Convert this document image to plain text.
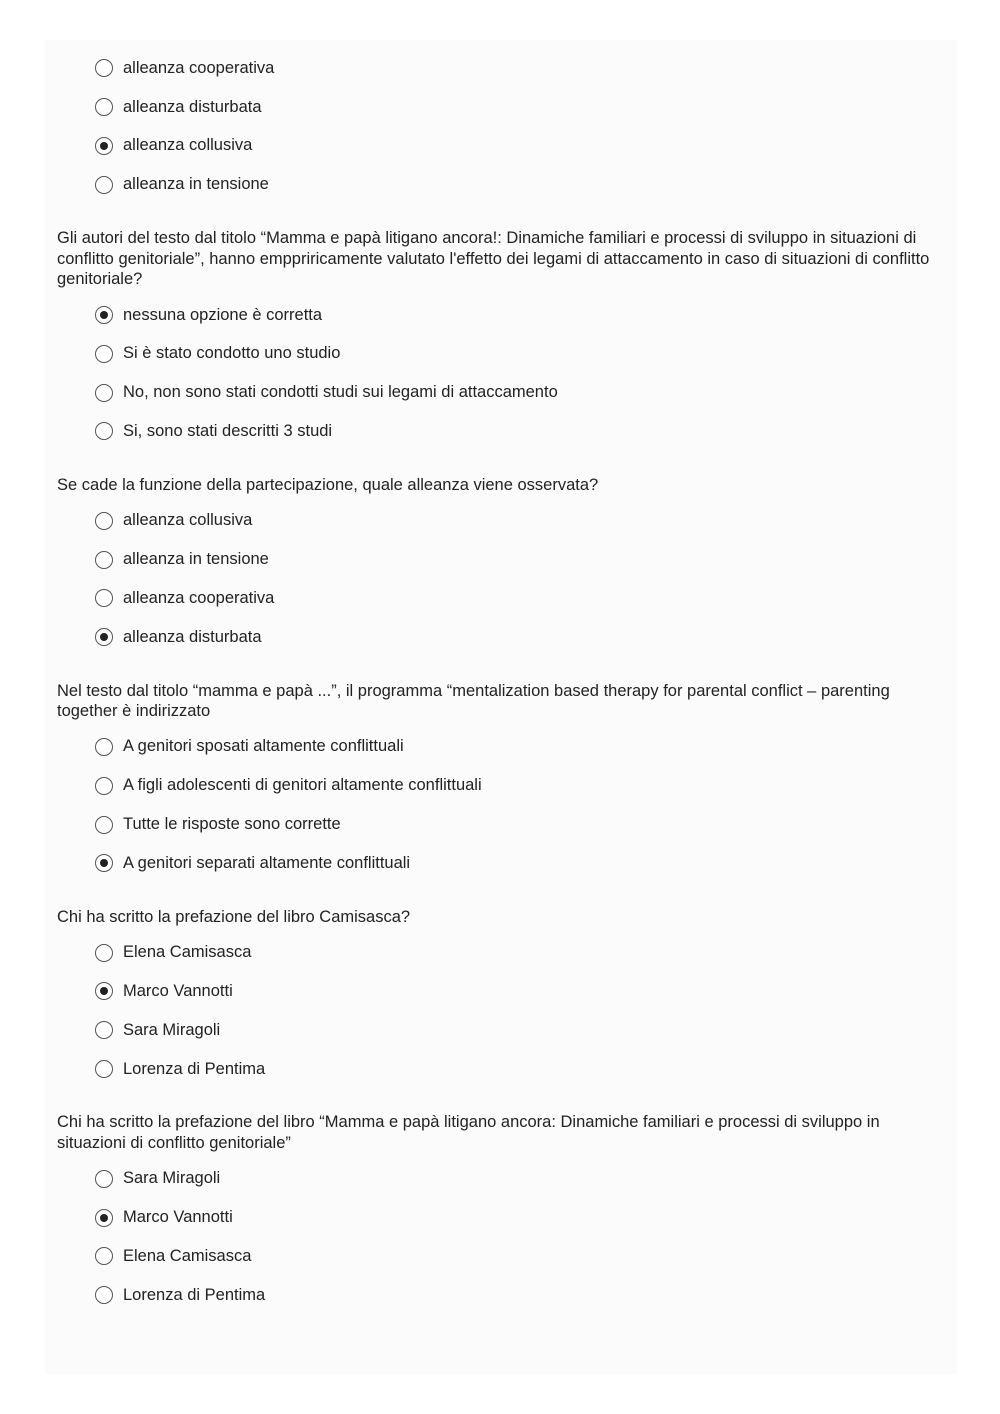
alleanza cooperativa
alleanza disturbata
alleanza collusiva
alleanza in tensione

Gli autori del testo dal titolo “Mamma e papà litigano ancora!: Dinamiche familiari e processi di sviluppo in situazioni di conflitto genitoriale”, hanno emppriricamente valutato l'effetto dei legami di attaccamento in caso di situazioni di conflitto genitoriale?

nessuna opzione è corretta
Si è stato condotto uno studio
No, non sono stati condotti studi sui legami di attaccamento
Si, sono stati descritti 3 studi

Se cade la funzione della partecipazione, quale alleanza viene osservata?

alleanza collusiva
alleanza in tensione
alleanza cooperativa
alleanza disturbata

Nel testo dal titolo “mamma e papà ...”, il programma “mentalization based therapy for parental conflict – parenting together è indirizzato

A genitori sposati altamente conflittuali
A figli adolescenti di genitori altamente conflittuali
Tutte le risposte sono corrette
A genitori separati altamente conflittuali

Chi ha scritto la prefazione del libro Camisasca?

Elena Camisasca
Marco Vannotti
Sara Miragoli
Lorenza di Pentima

Chi ha scritto la prefazione del libro “Mamma e papà litigano ancora: Dinamiche familiari e processi di sviluppo in situazioni di conflitto genitoriale”

Sara Miragoli
Marco Vannotti
Elena Camisasca
Lorenza di Pentima
